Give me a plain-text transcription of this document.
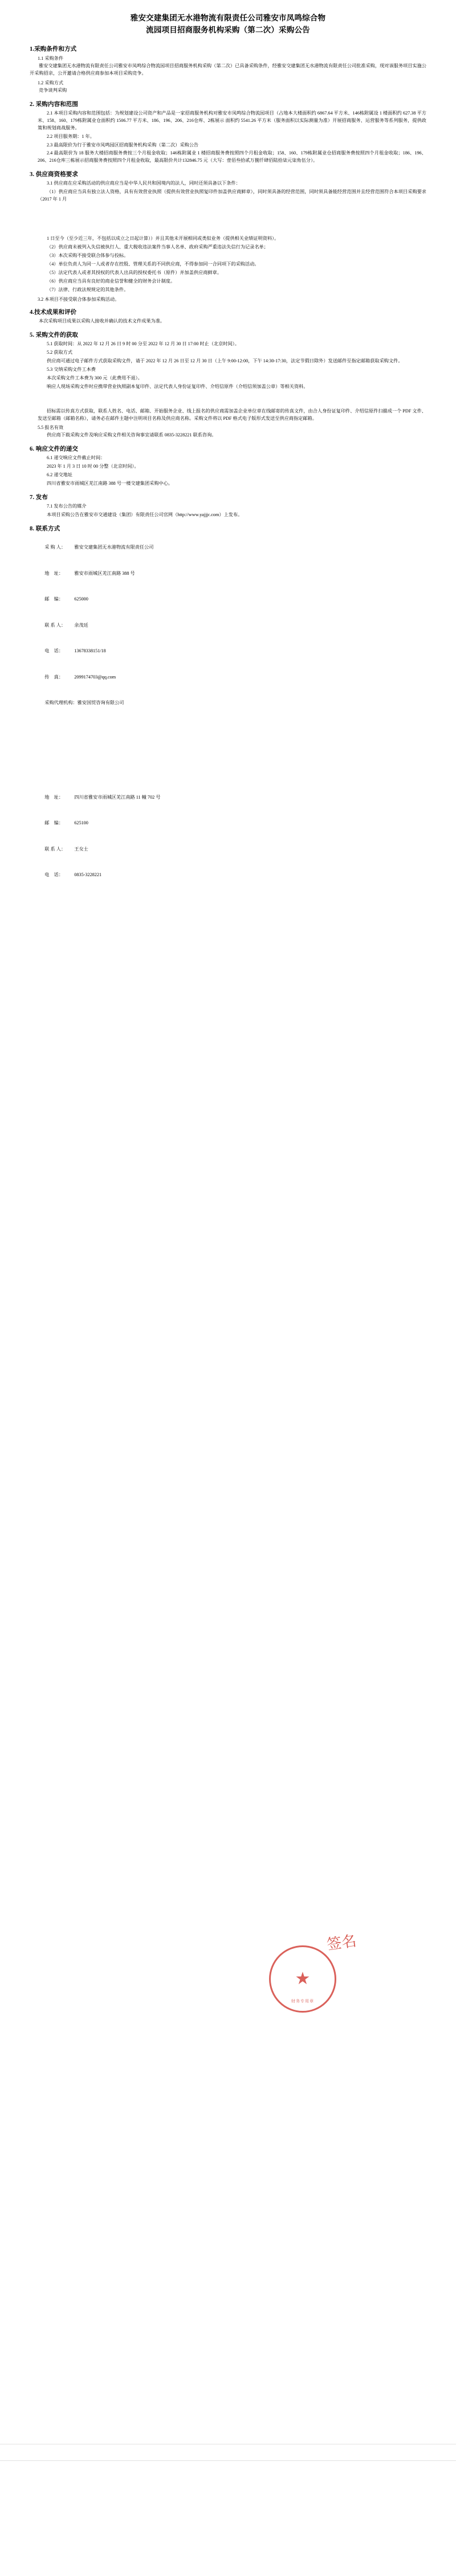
雅安交建集团无水港物流有限责任公司雅安市凤鸣综合物
流园项目招商服务机构采购（第二次）采购公告
1.采购条件和方式
1.1 采购条件
雅安交建集团无水港物流有限责任公司雅安市凤鸣综合物流园项目招商服务机构采购（第二次）已具备采购条件，经雅安交建集团无水港物流有限责任公司批准采购，现对该服务项目实施公开采购招亲，公开邀请合格供应商参加本项目采购竞争。
1.2 采购方式
竞争谈判采购
2. 采购内容和范围
2.1 本项目采购内容和范围包括：为规划建设公司资产和产品是一家招商服务机构对雅安市凤鸣综合物流园项目（占地本大楼面积约 6867.64 平方米、146栋附属设 1 楼面积约 627.38 平方米、158、160、179栋附属业仓面积约 1506.77 平方米、186、196、206、216仓库、2栋展示 面积约 5541.26 平方米（服务面积以实际测量为准）开展招商服务、运营服务等系列服务，提供政策和规划商战服务。
2.2 项目服务期：1 年。
2.3 最高限价为行于雅安市凤鸣园区招商服务机构采购（第二次）采购公告
2.4 最高限价为 18 服务大楼招商服务费按三个月租金收取；146栋附属业 1 楼招商服务费按照四个月租金收取；158、160、179栋附属业仓招商服务费按照四个月租金收取；186、196、206、216仓库三栋展示招商服务费按照四个月租金收取，最高限价共计132846.75 元（大写：壹佰叁拾贰万捌仟肆佰陆拾柒元柒角伍分）。
3. 供应商资格要求
3.1 供应商在应采购活动的供应商应当是中华人民共和国境内的法人，同时还须具备以下条件：
（1）供应商应当具有独立法人资格，具有有效营业执照（提供有效营业执照复印件加盖供应商鲜章），同时须具备的经营范围，同时须具备能经营范围并且经营范围符合本项目采购要求（2017 年 1 月
1 日至今（至少近三年，不包括以成立之日起计算））并且其他未开展相同或类似业务（提供相关业绩证明资料）。
（2）供应商未被列入失信被执行人、重大税收违法案件当事人名单、政府采购严重违法失信行为记录名单；
（3）本次采购不接受联合体参与投标。
（4）单位负责人为同一人或者存在控股、管理关系的不同供应商，不得参加同一合同项下的采购活动。
（5）法定代表人或者其授权的代表人出具的授权委托书（原件）并加盖供应商鲜章。
（6）供应商应当具有良好的商业信誉和健全的财务会计制度。
（7）法律、行政法规规定的其他条件。
3.2 本项目不接受联合体参加采购活动。
4.技术成果和评价
本次采购项目成果以采购人接收并确认的技术文件成果为准。
5. 采购文件的获取
5.1 获取时间：从 2022 年 12 月 26 日 9 时 00 分至 2022 年 12 月 30 日 17:00 时止（北京时间）。
5.2 获取方式
供应商可通过电子邮件方式获取采购文件，请于 2022 年 12 月 26 日至 12 月 30 日（上午 9:00-12:00，下午 14:30-17:30，法定节假日除外）发送邮件至指定邮箱获取采购文件。
5.3 交纳采购文件工本费
本次采购文件工本费为 300 元（此费用不退）。
响应人现场采购文件时应携带营业执照副本复印件、法定代表人身份证复印件、介绍信原件（介绍信须加盖公章）等相关资料。
招标需以传真方式获取，联系人姓名、电话、邮箱、开始服务企业、线上报名的供应商需加盖企业单位章在线邮寄的传真文件，由合人身份证复印件、介绍信原件扫描成一个 PDF 文件、发送至邮箱（邮箱名称），请务必在邮件主题中注明项目名称及供应商名称。采购文件将以 PDF 格式电子版形式发送至供应商指定邮箱。
5.5 报名有效
供应商下载采购文件及响应采购文件相关咨询事宜请联系 0835-3228221 联系咨询。
6. 响应文件的递交
6.1 递交响应文件截止时间：
2023 年 1 月 3 日 10 时 00 分整（北京时间）。
6.2 递交地址
四川省雅安市雨城区羌江南路 388 号一楼交建集团采购中心。
7. 发布
7.1 发布公告的媒介
本项目采购公告在雅安市交通建设（集团）有限责任公司官网（http://www.yajjjc.com）上发布。
8. 联系方式

采 购 人： 雅安交建集团无水港物流有限责任公司

地    址： 雅安市雨城区羌江南路 388 号

邮    编： 625000

联 系 人： 余茂廷

电    话： 13678338151/18

传    真： 2099174703@qq.com

采购代理机构：雅安国贸咨询有限公司

地    址： 四川省雅安市雨城区羌江南路 11 幢 702 号

邮    编： 625100

联 系 人： 王女士

电    话： 0835-3228221

签名
★
财务专用章
